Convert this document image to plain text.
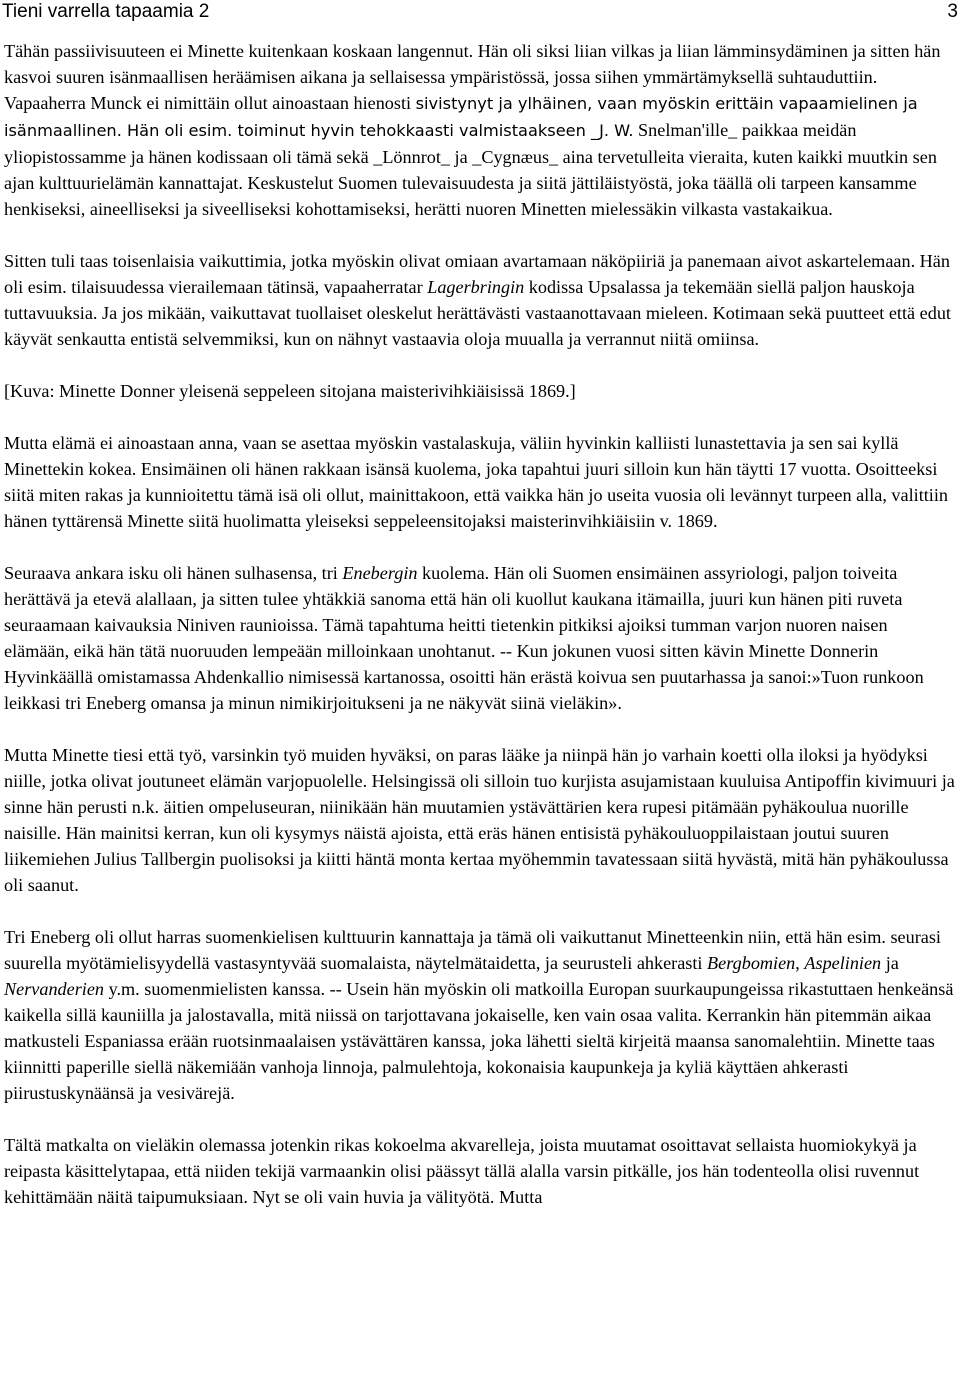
Tieni varrella tapaamia 2	3

Tähän passiivisuuteen ei Minette kuitenkaan koskaan langennut. Hän oli siksi liian vilkas ja liian lämminsydäminen ja sitten hän kasvoi suuren isänmaallisen heräämisen aikana ja sellaisessa ympäristössä, jossa siihen ymmärtämyksellä suhtauduttiin. Vapaaherra Munck ei nimittäin ollut ainoastaan hienosti sivistynyt ja ylhäinen, vaan myöskin erittäin vapaamielinen ja isänmaallinen. Hän oli esim. toiminut hyvin tehokkaasti valmistaakseen _J. W. Snelman'ille_ paikkaa meidän yliopistossamme ja hänen kodissaan oli tämä sekä _Lönnrot_ ja _Cygnæus_ aina tervetulleita vieraita, kuten kaikki muutkin sen ajan kulttuurielämän kannattajat. Keskustelut Suomen tulevaisuudesta ja siitä jättiläistyöstä, joka täällä oli tarpeen kansamme henkiseksi, aineelliseksi ja siveelliseksi kohottamiseksi, herätti nuoren Minetten mielessäkin vilkasta vastakaikua.

Sitten tuli taas toisenlaisia vaikuttimia, jotka myöskin olivat omiaan avartamaan näköpiiriä ja panemaan aivot askartelemaan. Hän oli esim. tilaisuudessa vierailemaan tätinsä, vapaaherratar Lagerbringin kodissa Upsalassa ja tekemään siellä paljon hauskoja tuttavuuksia. Ja jos mikään, vaikuttavat tuollaiset oleskelut herättävästi vastaanottavaan mieleen. Kotimaan sekä puutteet että edut käyvät senkautta entistä selvemmiksi, kun on nähnyt vastaavia oloja muualla ja verrannut niitä omiinsa.

[Kuva: Minette Donner yleisenä seppeleen sitojana maisterivihkiäisissä 1869.]

Mutta elämä ei ainoastaan anna, vaan se asettaa myöskin vastalaskuja, väliin hyvinkin kalliisti lunastettavia ja sen sai kyllä Minettekin kokea. Ensimäinen oli hänen rakkaan isänsä kuolema, joka tapahtui juuri silloin kun hän täytti 17 vuotta. Osoitteeksi siitä miten rakas ja kunnioitettu tämä isä oli ollut, mainittakoon, että vaikka hän jo useita vuosia oli levännyt turpeen alla, valittiin hänen tyttärensä Minette siitä huolimatta yleiseksi seppeleensitojaksi maisterinvihkiäisiin v. 1869.

Seuraava ankara isku oli hänen sulhasensa, tri Enebergin kuolema. Hän oli Suomen ensimäinen assyriologi, paljon toiveita herättävä ja etevä alallaan, ja sitten tulee yhtäkkiä sanoma että hän oli kuollut kaukana itämailla, juuri kun hänen piti ruveta seuraamaan kaivauksia Niniven raunioissa. Tämä tapahtuma heitti tietenkin pitkiksi ajoiksi tumman varjon nuoren naisen elämään, eikä hän tätä nuoruuden lempeään milloinkaan unohtanut. -- Kun jokunen vuosi sitten kävin Minette Donnerin Hyvinkäällä omistamassa Ahdenkallio nimisessä kartanossa, osoitti hän erästä koivua sen puutarhassa ja sanoi:»Tuon runkoon leikkasi tri Eneberg omansa ja minun nimikirjoitukseni ja ne näkyvät siinä vieläkin».

Mutta Minette tiesi että työ, varsinkin työ muiden hyväksi, on paras lääke ja niinpä hän jo varhain koetti olla iloksi ja hyödyksi niille, jotka olivat joutuneet elämän varjopuolelle. Helsingissä oli silloin tuo kurjista asujamistaan kuuluisa Antipoffin kivimuuri ja sinne hän perusti n.k. äitien ompeluseuran, niinikään hän muutamien ystävättärien kera rupesi pitämään pyhäkoulua nuorille naisille. Hän mainitsi kerran, kun oli kysymys näistä ajoista, että eräs hänen entisistä pyhäkouluoppilaistaan joutui suuren liikemiehen Julius Tallbergin puolisoksi ja kiitti häntä monta kertaa myöhemmin tavatessaan siitä hyvästä, mitä hän pyhäkoulussa oli saanut.

Tri Eneberg oli ollut harras suomenkielisen kulttuurin kannattaja ja tämä oli vaikuttanut Minetteenkin niin, että hän esim. seurasi suurella myötämielisyydellä vastasyntyvää suomalaista, näytelmätaidetta, ja seurusteli ahkerasti Bergbomien, Aspelinien ja Nervanderien y.m. suomenmielisten kanssa. -- Usein hän myöskin oli matkoilla Europan suurkaupungeissa rikastuttaen henkeänsä kaikella sillä kauniilla ja jalostavalla, mitä niissä on tarjottavana jokaiselle, ken vain osaa valita. Kerrankin hän pitemmän aikaa matkusteli Espaniassa erään ruotsinmaalaisen ystävättären kanssa, joka lähetti sieltä kirjeitä maansa sanomalehtiin. Minette taas kiinnitti paperille siellä näkemiään vanhoja linnoja, palmulehtoja, kokonaisia kaupunkeja ja kyliä käyttäen ahkerasti piirustuskynäänsä ja vesivärejä.

Tältä matkalta on vieläkin olemassa jotenkin rikas kokoelma akvarelleja, joista muutamat osoittavat sellaista huomiokykyä ja reipasta käsittelytapaa, että niiden tekijä varmaankin olisi päässyt tällä alalla varsin pitkälle, jos hän todenteolla olisi ruvennut kehittämään näitä taipumuksiaan. Nyt se oli vain huvia ja välityötä. Mutta
